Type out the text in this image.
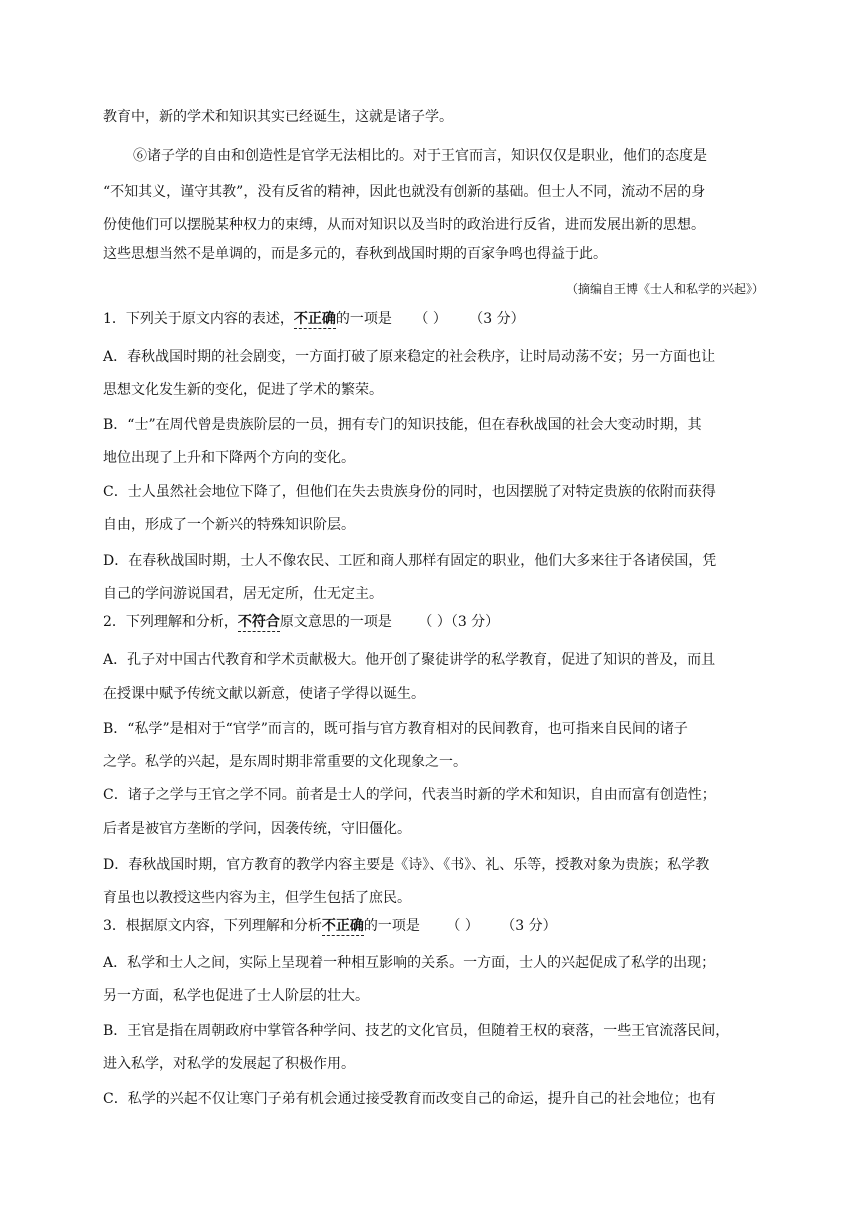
教育中，新的学术和知识其实已经诞生，这就是诸子学。
⑥诸子学的自由和创造性是官学无法相比的。对于王官而言，知识仅仅是职业，他们的态度是
“不知其义，谨守其教”，没有反省的精神，因此也就没有创新的基础。但士人不同，流动不居的身
份使他们可以摆脱某种权力的束缚，从而对知识以及当时的政治进行反省，进而发展出新的思想。
这些思想当然不是单调的，而是多元的，春秋到战国时期的百家争鸣也得益于此。
（摘编自王博《士人和私学的兴起》）
1．下列关于原文内容的表述，不正确的一项是 （ ） （3 分）
A．春秋战国时期的社会剧变，一方面打破了原来稳定的社会秩序，让时局动荡不安；另一方面也让
思想文化发生新的变化，促进了学术的繁荣。
B．“士”在周代曾是贵族阶层的一员，拥有专门的知识技能，但在春秋战国的社会大变动时期，其
地位出现了上升和下降两个方向的变化。
C．士人虽然社会地位下降了，但他们在失去贵族身份的同时，也因摆脱了对特定贵族的依附而获得
自由，形成了一个新兴的特殊知识阶层。
D．在春秋战国时期，士人不像农民、工匠和商人那样有固定的职业，他们大多来往于各诸侯国，凭
自己的学问游说国君，居无定所，仕无定主。
2．下列理解和分析，不符合原文意思的一项是 （ ）（3 分）
A．孔子对中国古代教育和学术贡献极大。他开创了聚徒讲学的私学教育，促进了知识的普及，而且
在授课中赋予传统文献以新意，使诸子学得以诞生。
B．“私学”是相对于“官学”而言的，既可指与官方教育相对的民间教育，也可指来自民间的诸子
之学。私学的兴起，是东周时期非常重要的文化现象之一。
C．诸子之学与王官之学不同。前者是士人的学问，代表当时新的学术和知识，自由而富有创造性；
后者是被官方垄断的学问，因袭传统，守旧僵化。
D．春秋战国时期，官方教育的教学内容主要是《诗》、《书》、礼、乐等，授教对象为贵族；私学教
育虽也以教授这些内容为主，但学生包括了庶民。
3．根据原文内容，下列理解和分析不正确的一项是 （ ） （3 分）
A．私学和士人之间，实际上呈现着一种相互影响的关系。一方面，士人的兴起促成了私学的出现；
另一方面，私学也促进了士人阶层的壮大。
B．王官是指在周朝政府中掌管各种学问、技艺的文化官员，但随着王权的衰落，一些王官流落民间，
进入私学，对私学的发展起了积极作用。
C．私学的兴起不仅让寒门子弟有机会通过接受教育而改变自己的命运，提升自己的社会地位；也有
